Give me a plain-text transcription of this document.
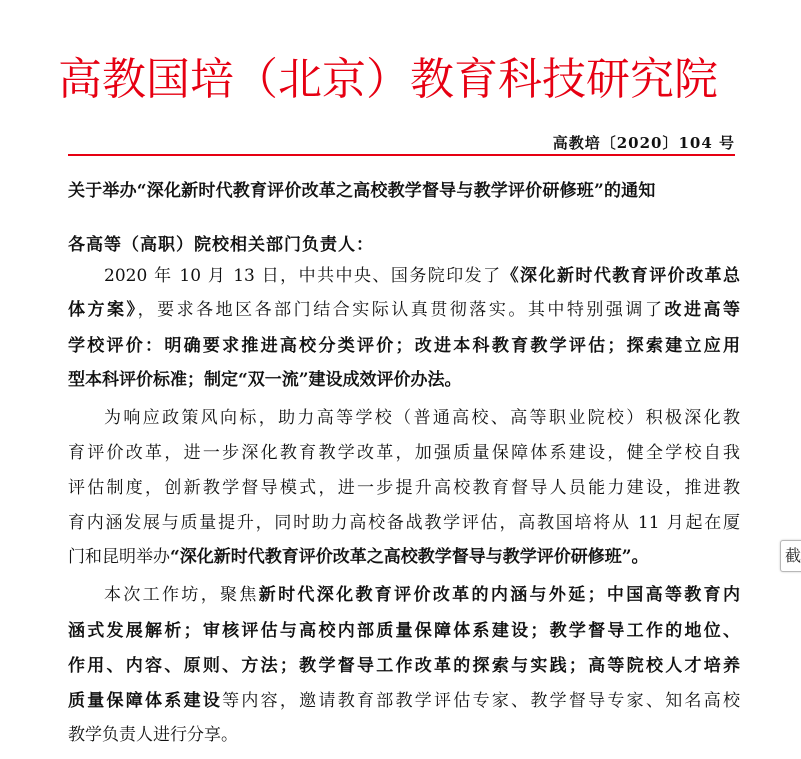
高教国培（北京）教育科技研究院
高教培〔2020〕104 号
关于举办“深化新时代教育评价改革之高校教学督导与教学评价研修班”的通知
各高等（高职）院校相关部门负责人：
2020 年 10 月 13 日，中共中央、国务院印发了《深化新时代教育评价改革总
体方案》，要求各地区各部门结合实际认真贯彻落实。其中特别强调了改进高等
学校评价：明确要求推进高校分类评价；改进本科教育教学评估；探索建立应用
型本科评价标准；制定“双一流”建设成效评价办法。
为响应政策风向标，助力高等学校（普通高校、高等职业院校）积极深化教
育评价改革，进一步深化教育教学改革，加强质量保障体系建设，健全学校自我
评估制度，创新教学督导模式，进一步提升高校教育督导人员能力建设，推进教
育内涵发展与质量提升，同时助力高校备战教学评估，高教国培将从 11 月起在厦
门和昆明举办“深化新时代教育评价改革之高校教学督导与教学评价研修班”。
本次工作坊，聚焦新时代深化教育评价改革的内涵与外延；中国高等教育内
涵式发展解析；审核评估与高校内部质量保障体系建设；教学督导工作的地位、
作用、内容、原则、方法；教学督导工作改革的探索与实践；高等院校人才培养
质量保障体系建设等内容，邀请教育部教学评估专家、教学督导专家、知名高校
教学负责人进行分享。
截
